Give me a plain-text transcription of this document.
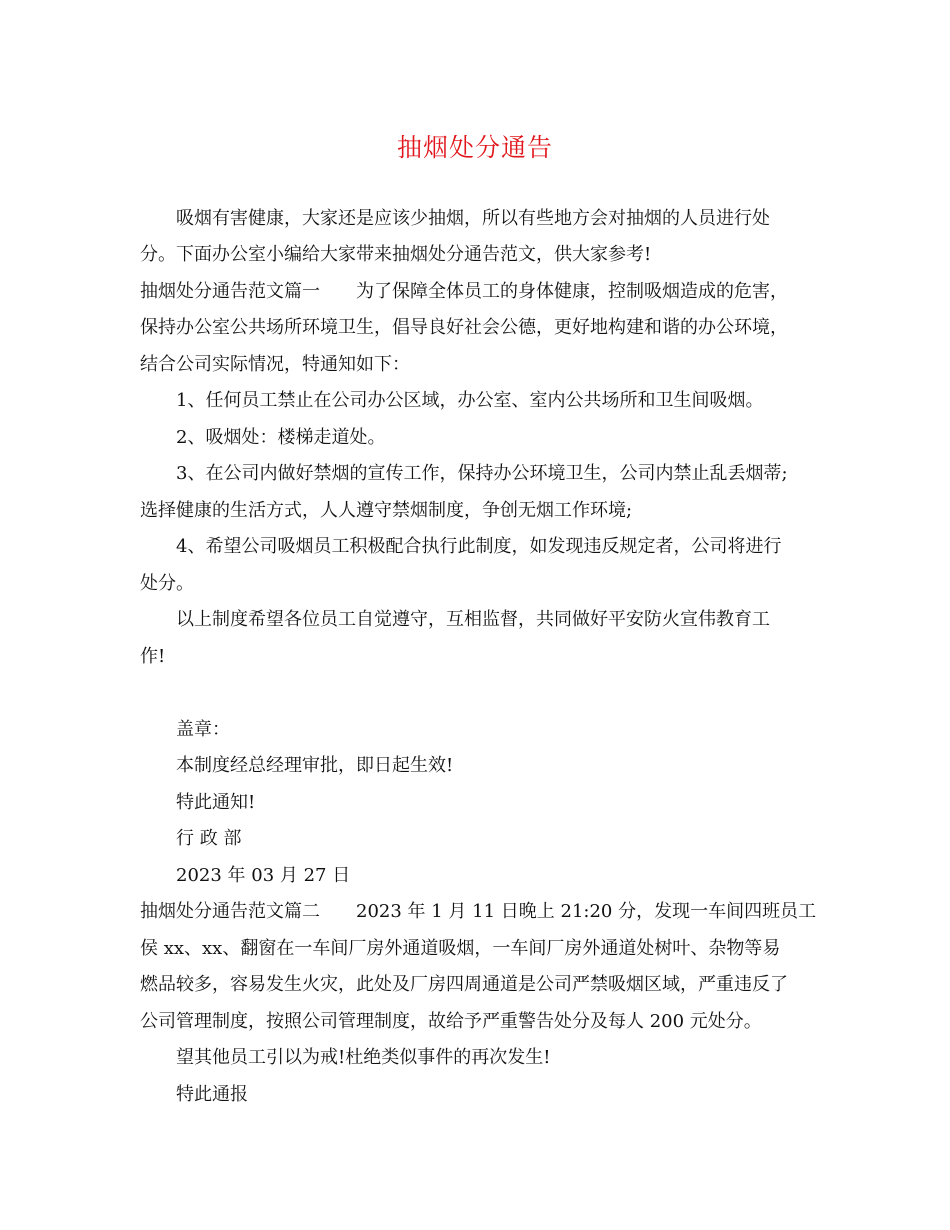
抽烟处分通告
吸烟有害健康，大家还是应该少抽烟，所以有些地方会对抽烟的人员进行处
分。下面办公室小编给大家带来抽烟处分通告范文，供大家参考!
抽烟处分通告范文篇一　　为了保障全体员工的身体健康，控制吸烟造成的危害，
保持办公室公共场所环境卫生，倡导良好社会公德，更好地构建和谐的办公环境，
结合公司实际情况，特通知如下：
1、任何员工禁止在公司办公区域，办公室、室内公共场所和卫生间吸烟。
2、吸烟处：楼梯走道处。
3、在公司内做好禁烟的宣传工作，保持办公环境卫生，公司内禁止乱丢烟蒂;
选择健康的生活方式，人人遵守禁烟制度，争创无烟工作环境;
4、希望公司吸烟员工积极配合执行此制度，如发现违反规定者，公司将进行
处分。
以上制度希望各位员工自觉遵守，互相监督，共同做好平安防火宣伟教育工
作!
盖章：
本制度经总经理审批，即日起生效!
特此通知!
行 政 部
2023 年 03 月 27 日
抽烟处分通告范文篇二　　2023 年 1 月 11 日晚上 21:20 分，发现一车间四班员工
侯 xx、xx、翻窗在一车间厂房外通道吸烟，一车间厂房外通道处树叶、杂物等易
燃品较多，容易发生火灾，此处及厂房四周通道是公司严禁吸烟区域，严重违反了
公司管理制度，按照公司管理制度，故给予严重警告处分及每人 200 元处分。
望其他员工引以为戒!杜绝类似事件的再次发生!
特此通报
